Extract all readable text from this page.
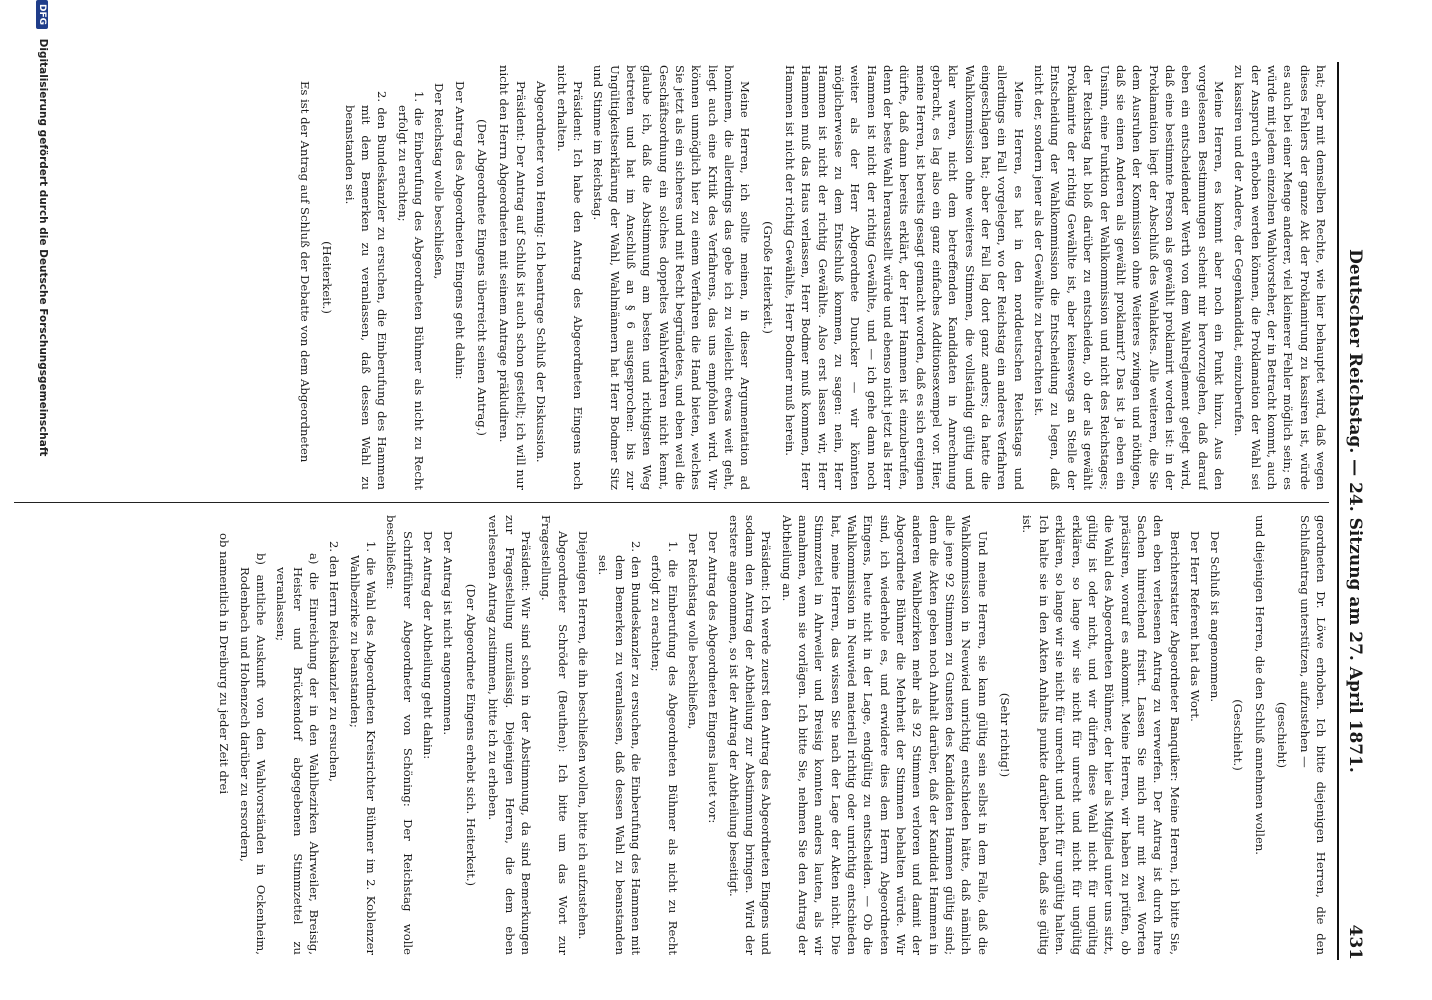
Deutscher Reichstag. — 24. Sitzung am 27. April 1871.
431

hat; aber mit demselben Rechte, wie hier behauptet wird, daß wegen dieses Fehlers der ganze Akt der Proklamirung zu kassiren ist, würde es auch bei einer Menge anderer, viel kleinerer Fehler möglich sein; es würde mit jedem einzelnen Wahlvorsteher, der in Betracht kommt, auch der Anspruch erhoben werden können, die Proklamation der Wahl sei zu kassiren und der Andere, der Gegenkandidat, einzuberufen.

Meine Herren, es kommt aber noch ein Punkt hinzu. Aus den vorgelesenen Bestimmungen scheint mir hervorzugehen, daß darauf eben ein entscheidender Werth von dem Wahlreglement gelegt wird, daß eine bestimmte Person als gewählt proklamirt worden ist: in der Proklamation liegt der Abschluß des Wahlaktes. Alle weiteren, die Sie dem Ausruhen der Kommission ohne Weiteres zwingen und nöthigen, daß sie einen Anderen als gewählt proklamirt? Das ist ja eben ein Unsinn, eine Funktion der Wahlkommission und nicht des Reichstages; der Reichstag hat bloß darüber zu entscheiden, ob der als gewählt Proklamirte der richtig Gewählte ist, aber keineswegs an Stelle der Entscheidung der Wahlkommission die Entscheidung zu legen, daß nicht der, sondern jener als der Gewählte zu betrachten ist.

Meine Herren, es hat in den norddeutschen Reichstags und allerdings ein Fall vorgelegen, wo der Reichstag ein anderes Verfahren eingeschlagen hat; aber der Fall lag dort ganz anders; da hatte die Wahlkommission ohne weiteres Stimmen, die vollständig gültig und klar waren, nicht dem betreffenden Kandidaten in Anrechnung gebracht, es lag also ein ganz einfaches Additionsexempel vor. Hier, meine Herren, ist bereits gesagt gemacht worden, daß es sich ereignen dürfte, daß dann bereits erklärt, der Herr Hammen ist einzuberufen, denn der beste Wahl herausstellt würde und ebenso nicht jetzt als Herr Hammen ist nicht der richtig Gewählte, und — ich gehe dann noch weiter als der Herr Abgeordnete Duncker — wir könnten möglicherweise zu dem Entschluß kommen, zu sagen: nein, Herr Hammen ist nicht der richtig Gewählte. Also erst lassen wir, Herr Hammen muß das Haus verlassen, Herr Bodmer muß kommen, Herr Hammen ist nicht der richtig Gewählte, Herr Bodmer muß herein.

(Große Heiterkeit.)

Meine Herren, ich sollte meinen, in dieser Argumentation ad hominem, die allerdings das gebe ich zu vielleicht etwas weit geht, liegt auch eine Kritik des Verfahrens, das uns empfohlen wird. Wir können unmöglich hier zu einem Verfahren die Hand bieten, welches Sie jetzt als ein sicheres und mit Recht begründetes, und eben weil die Geschäftsordnung ein solches doppeltes Wahlverfahren nicht kennt, glaube ich, daß die Abstimmung am besten und richtigsten Weg betreten und hat im Anschluß an § 6 ausgesprochen: bis zur Ungültigkeitserklärung der Wahl, Wahlmännern hat Herr Bodmer Sitz und Stimme im Reichstag.

Präsident: Ich habe den Antrag des Abgeordneten Eingens noch nicht erhalten.

Abgeordneter von Hennig: Ich beantrage Schluß der Diskussion.

Präsident: Der Antrag auf Schluß ist auch schon gestellt; ich will nur nicht den Herrn Abgeordneten mit seinem Antrage präkludiren.

(Der Abgeordnete Eingens überreicht seinen Antrag.)

Der Antrag des Abgeordneten Eingens geht dahin:

Der Reichstag wolle beschließen,

1. die Einberufung des Abgeordneten Bühmer als nicht zu Recht erfolgt zu erachten;

2. den Bundeskanzler zu ersuchen, die Einberufung des Hammen mit dem Bemerken zu veranlassen, daß dessen Wahl zu beanstanden sei.

(Heiterkeit.)

Es ist der Antrag auf Schluß der Debatte von dem Abgeordneten

geordneten Dr. Löwe erhoben. Ich bitte diejenigen Herren, die den Schlußantrag unterstützen, aufzustehen —

(geschieht)

und diejenigen Herren, die den Schluß annehmen wollen.

(Geschieht.)

Der Schluß ist angenommen.

Der Herr Referent hat das Wort.

Berichterstatter Abgeordneter Banquiker: Meine Herren, ich bitte Sie, den eben verlesenen Antrag zu verwerfen. Der Antrag ist durch Ihre Sachen hinreichend frisirt. Lassen Sie mich nur mit zwei Worten präcisiren, worauf es ankommt. Meine Herren, wir haben zu prüfen, ob die Wahl des Abgeordneten Bühmer, der hier als Mitglied unter uns sitzt, gültig ist oder nicht, und wir dürfen diese Wahl nicht für ungültig erklären, so lange wir sie nicht für unrecht und nicht für ungültig erklären, so lange wir sie nicht für unrecht und nicht für ungültig halten. Ich halte sie in den Akten Anhalts punkte darüber haben, daß sie gültig ist.

(Sehr richtig!)

Und meine Herren, sie kann gültig sein selbst in dem Falle, daß die Wahlkommission in Neuwied unrichtig entschieden hätte, daß nämlich alle jene 92 Stimmen zu Gunsten des Kandidaten Hammen gültig sind; denn die Akten geben noch Anhalt darüber, daß der Kandidat Hammen in anderen Wahlbezirken mehr als 92 Stimmen verloren und damit der Abgeordnete Bühmer die Mehrheit der Stimmen behalten würde. Wir sind, ich wiederhole es, und erwidere dies dem Herrn Abgeordneten Eingens, heute nicht in der Lage, endgültig zu entscheiden. — Ob die Wahlkommission in Neuwied materiell richtig oder unrichtig entschieden hat, meine Herren, das wissen Sie nach der Lage der Akten nicht. Die Stimmzettel in Ahrweiler und Breisig konnten anders lauten, als wir annahmen, wenn sie vorlägen. Ich bitte Sie, nehmen Sie den Antrag der Abtheilung an.

Präsident: Ich werde zuerst den Antrag des Abgeordneten Eingens und sodann den Antrag der Abtheilung zur Abstimmung bringen. Wird der erstere angenommen, so ist der Antrag der Abtheilung beseitigt.

Der Antrag des Abgeordneten Eingens lautet vor:

Der Reichstag wolle beschließen,

1. die Einberufung des Abgeordneten Bühmer als nicht zu Recht erfolgt zu erachten;

2. den Bundeskanzler zu ersuchen, die Einberufung des Hammen mit dem Bemerken zu veranlassen, daß dessen Wahl zu beanstanden sei.

Diejenigen Herren, die ihn beschließen wollen, bitte ich aufzustehen.

Abgeordneter Schröder (Beuthen): Ich bitte um das Wort zur Fragestellung.

Präsident: Wir sind schon in der Abstimmung, da sind Bemerkungen zur Fragestellung unzulässig. Diejenigen Herren, die dem eben verlesenen Antrag zustimmen, bitte ich zu erheben.

(Der Abgeordnete Eingens erhebt sich. Heiterkeit.)

Der Antrag ist nicht angenommen.

Der Antrag der Abtheilung geht dahin:

Schriftführer Abgeordneter von Schöning: Der Reichstag wolle beschließen:

1. die Wahl des Abgeordneten Kreisrichter Bühmer im 2. Koblenzer Wahlbezirke zu beanstanden;

2. den Herrn Reichskanzler zu ersuchen,

a) die Einreichung der in den Wahlbezirken Ahrweiler, Breisig, Heister und Brückendorf abgegebenen Stimmzettel zu veranlassen;

b) amtliche Auskunft von den Wahlvorständen in Ockenheim, Rodenbach und Hohenzech darüber zu ersordern,

ob namentlich in Dreiburg zu jeder Zeit drei

DFG Digitalisierung gefördert durch die Deutsche Forschungsgemeinschaft
